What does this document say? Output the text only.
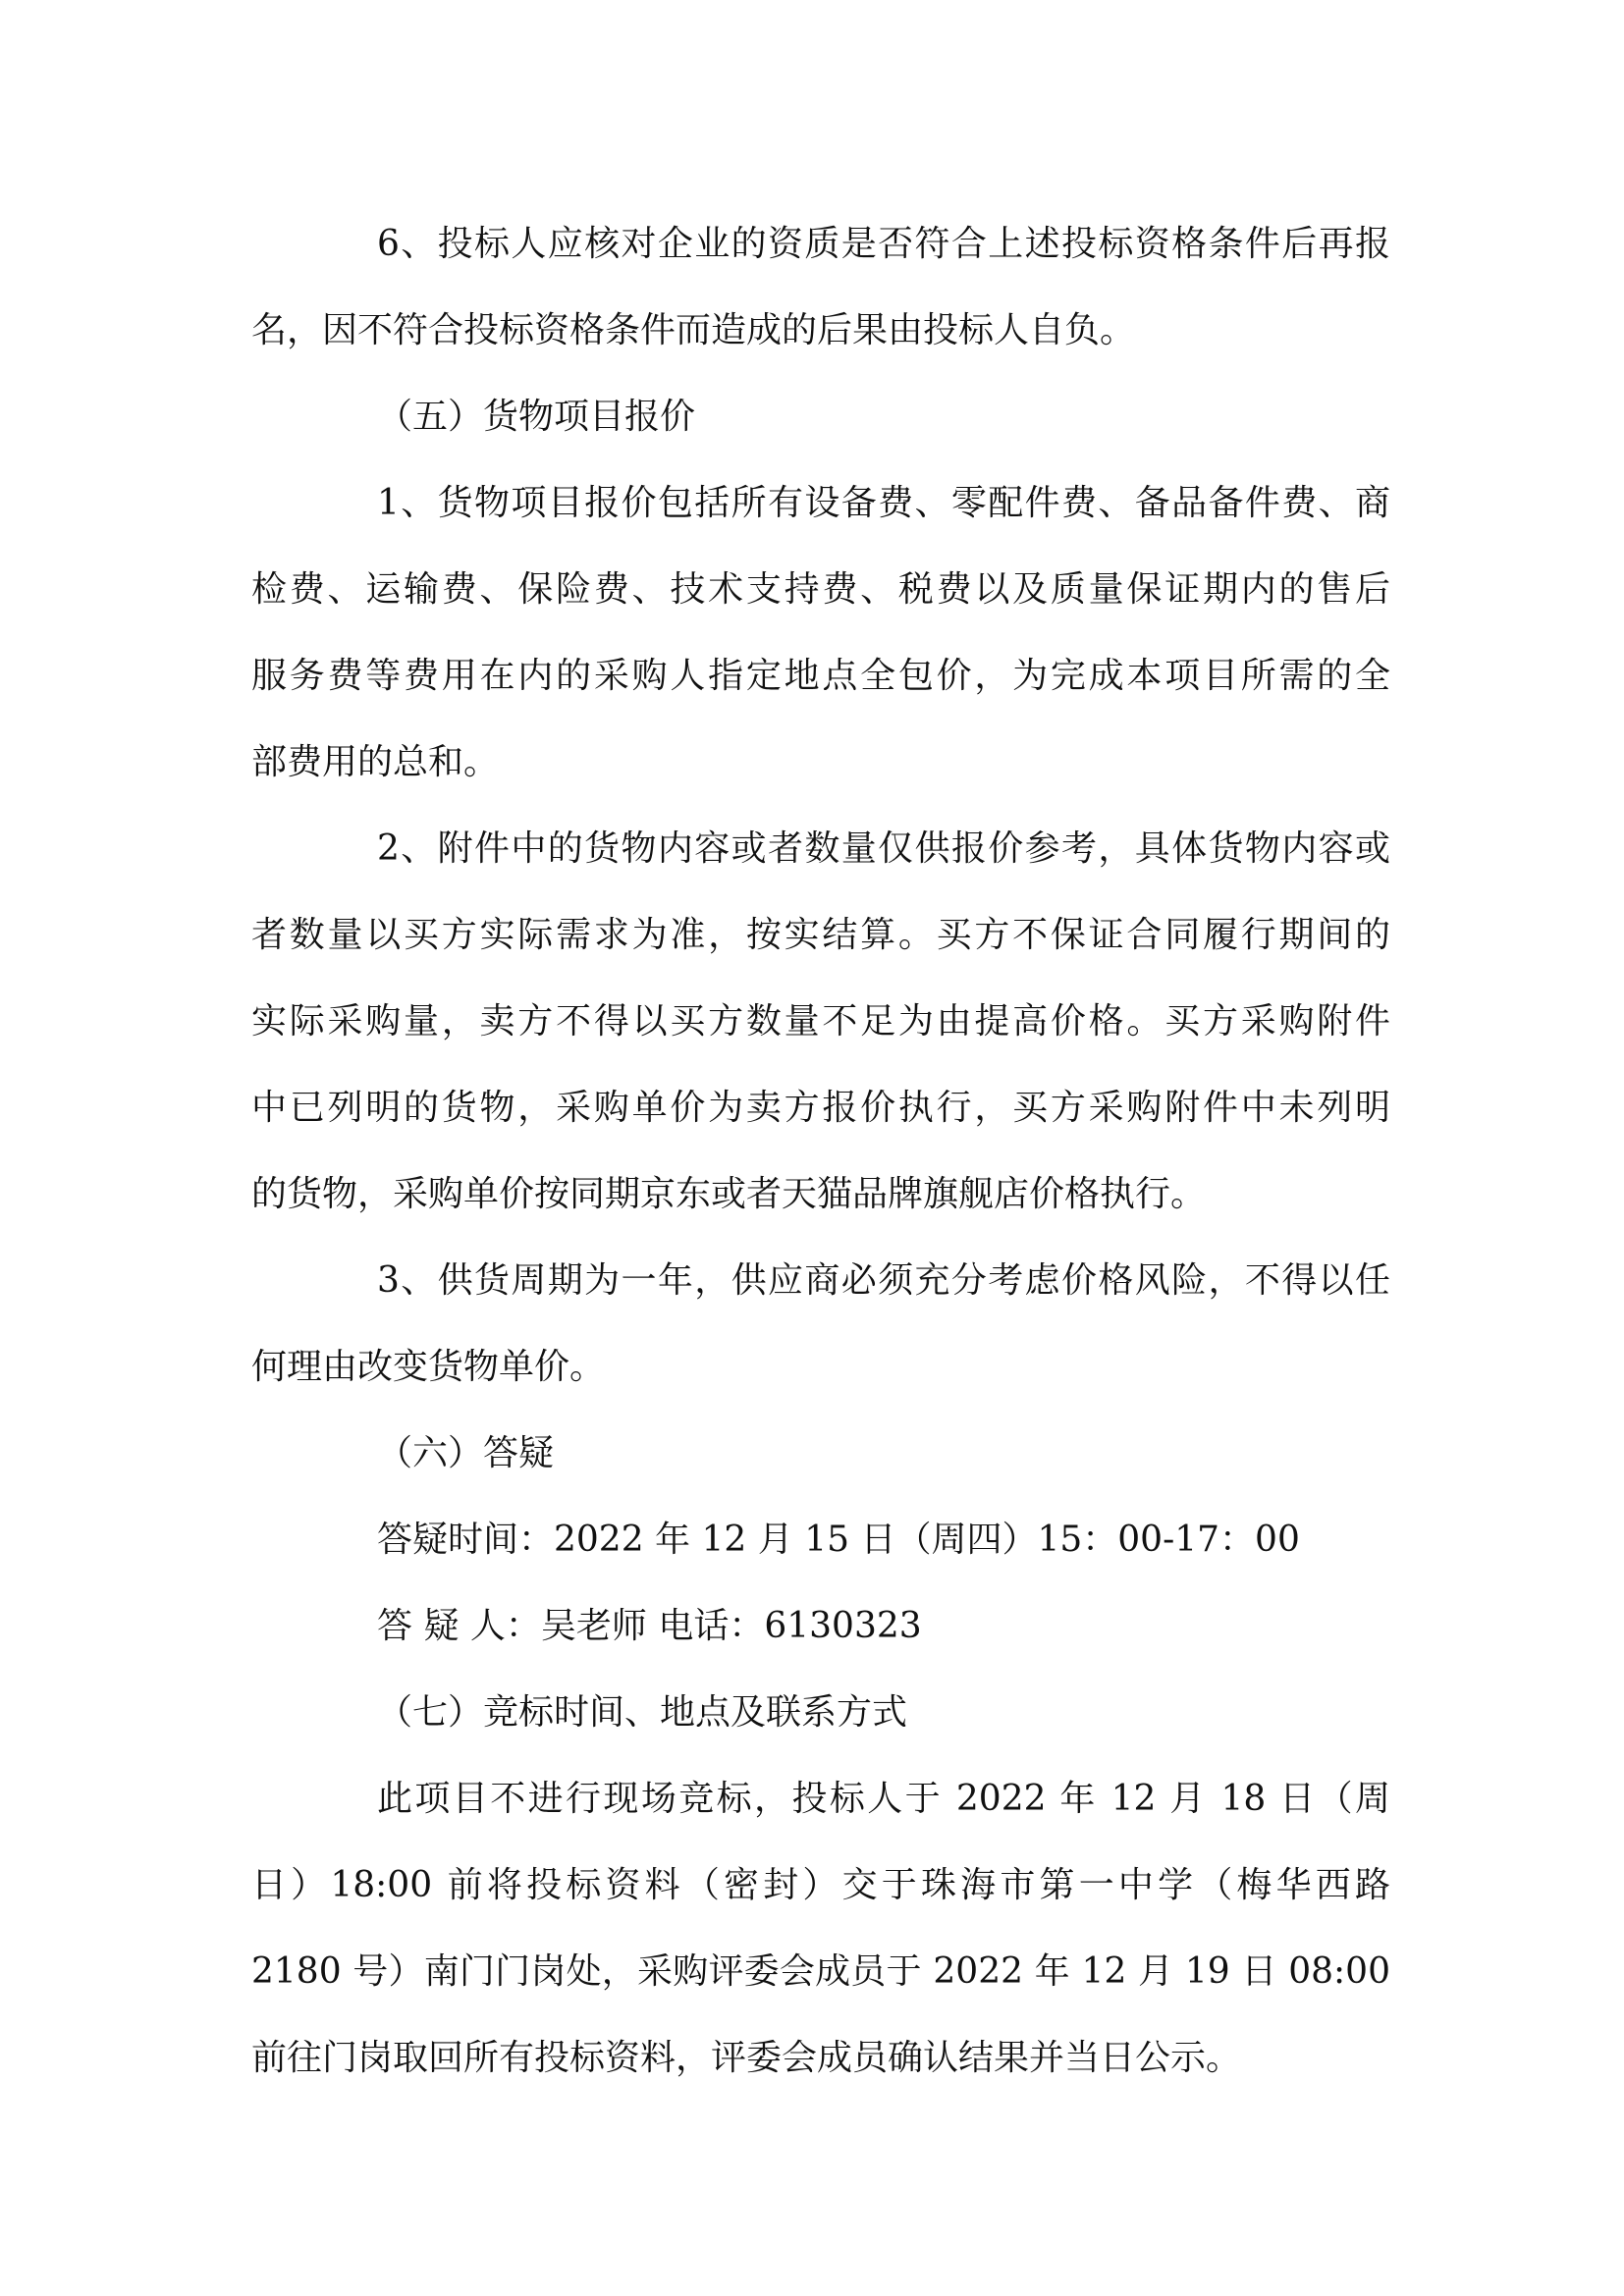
6、投标人应核对企业的资质是否符合上述投标资格条件后再报
名，因不符合投标资格条件而造成的后果由投标人自负。
（五）货物项目报价
1、货物项目报价包括所有设备费、零配件费、备品备件费、商
检费、运输费、保险费、技术支持费、税费以及质量保证期内的售后
服务费等费用在内的采购人指定地点全包价，为完成本项目所需的全
部费用的总和。
2、附件中的货物内容或者数量仅供报价参考，具体货物内容或
者数量以买方实际需求为准，按实结算。买方不保证合同履行期间的
实际采购量，卖方不得以买方数量不足为由提高价格。买方采购附件
中已列明的货物，采购单价为卖方报价执行，买方采购附件中未列明
的货物，采购单价按同期京东或者天猫品牌旗舰店价格执行。
3、供货周期为一年，供应商必须充分考虑价格风险，不得以任
何理由改变货物单价。
（六）答疑
答疑时间：2022 年 12 月 15 日（周四）15：00-17：00
答 疑 人：吴老师 电话：6130323
（七）竞标时间、地点及联系方式
此项目不进行现场竞标，投标人于 2022 年 12 月 18 日（周
日）18:00 前将投标资料（密封）交于珠海市第一中学（梅华西路
2180 号）南门门岗处，采购评委会成员于 2022 年 12 月 19 日 08:00
前往门岗取回所有投标资料，评委会成员确认结果并当日公示。
